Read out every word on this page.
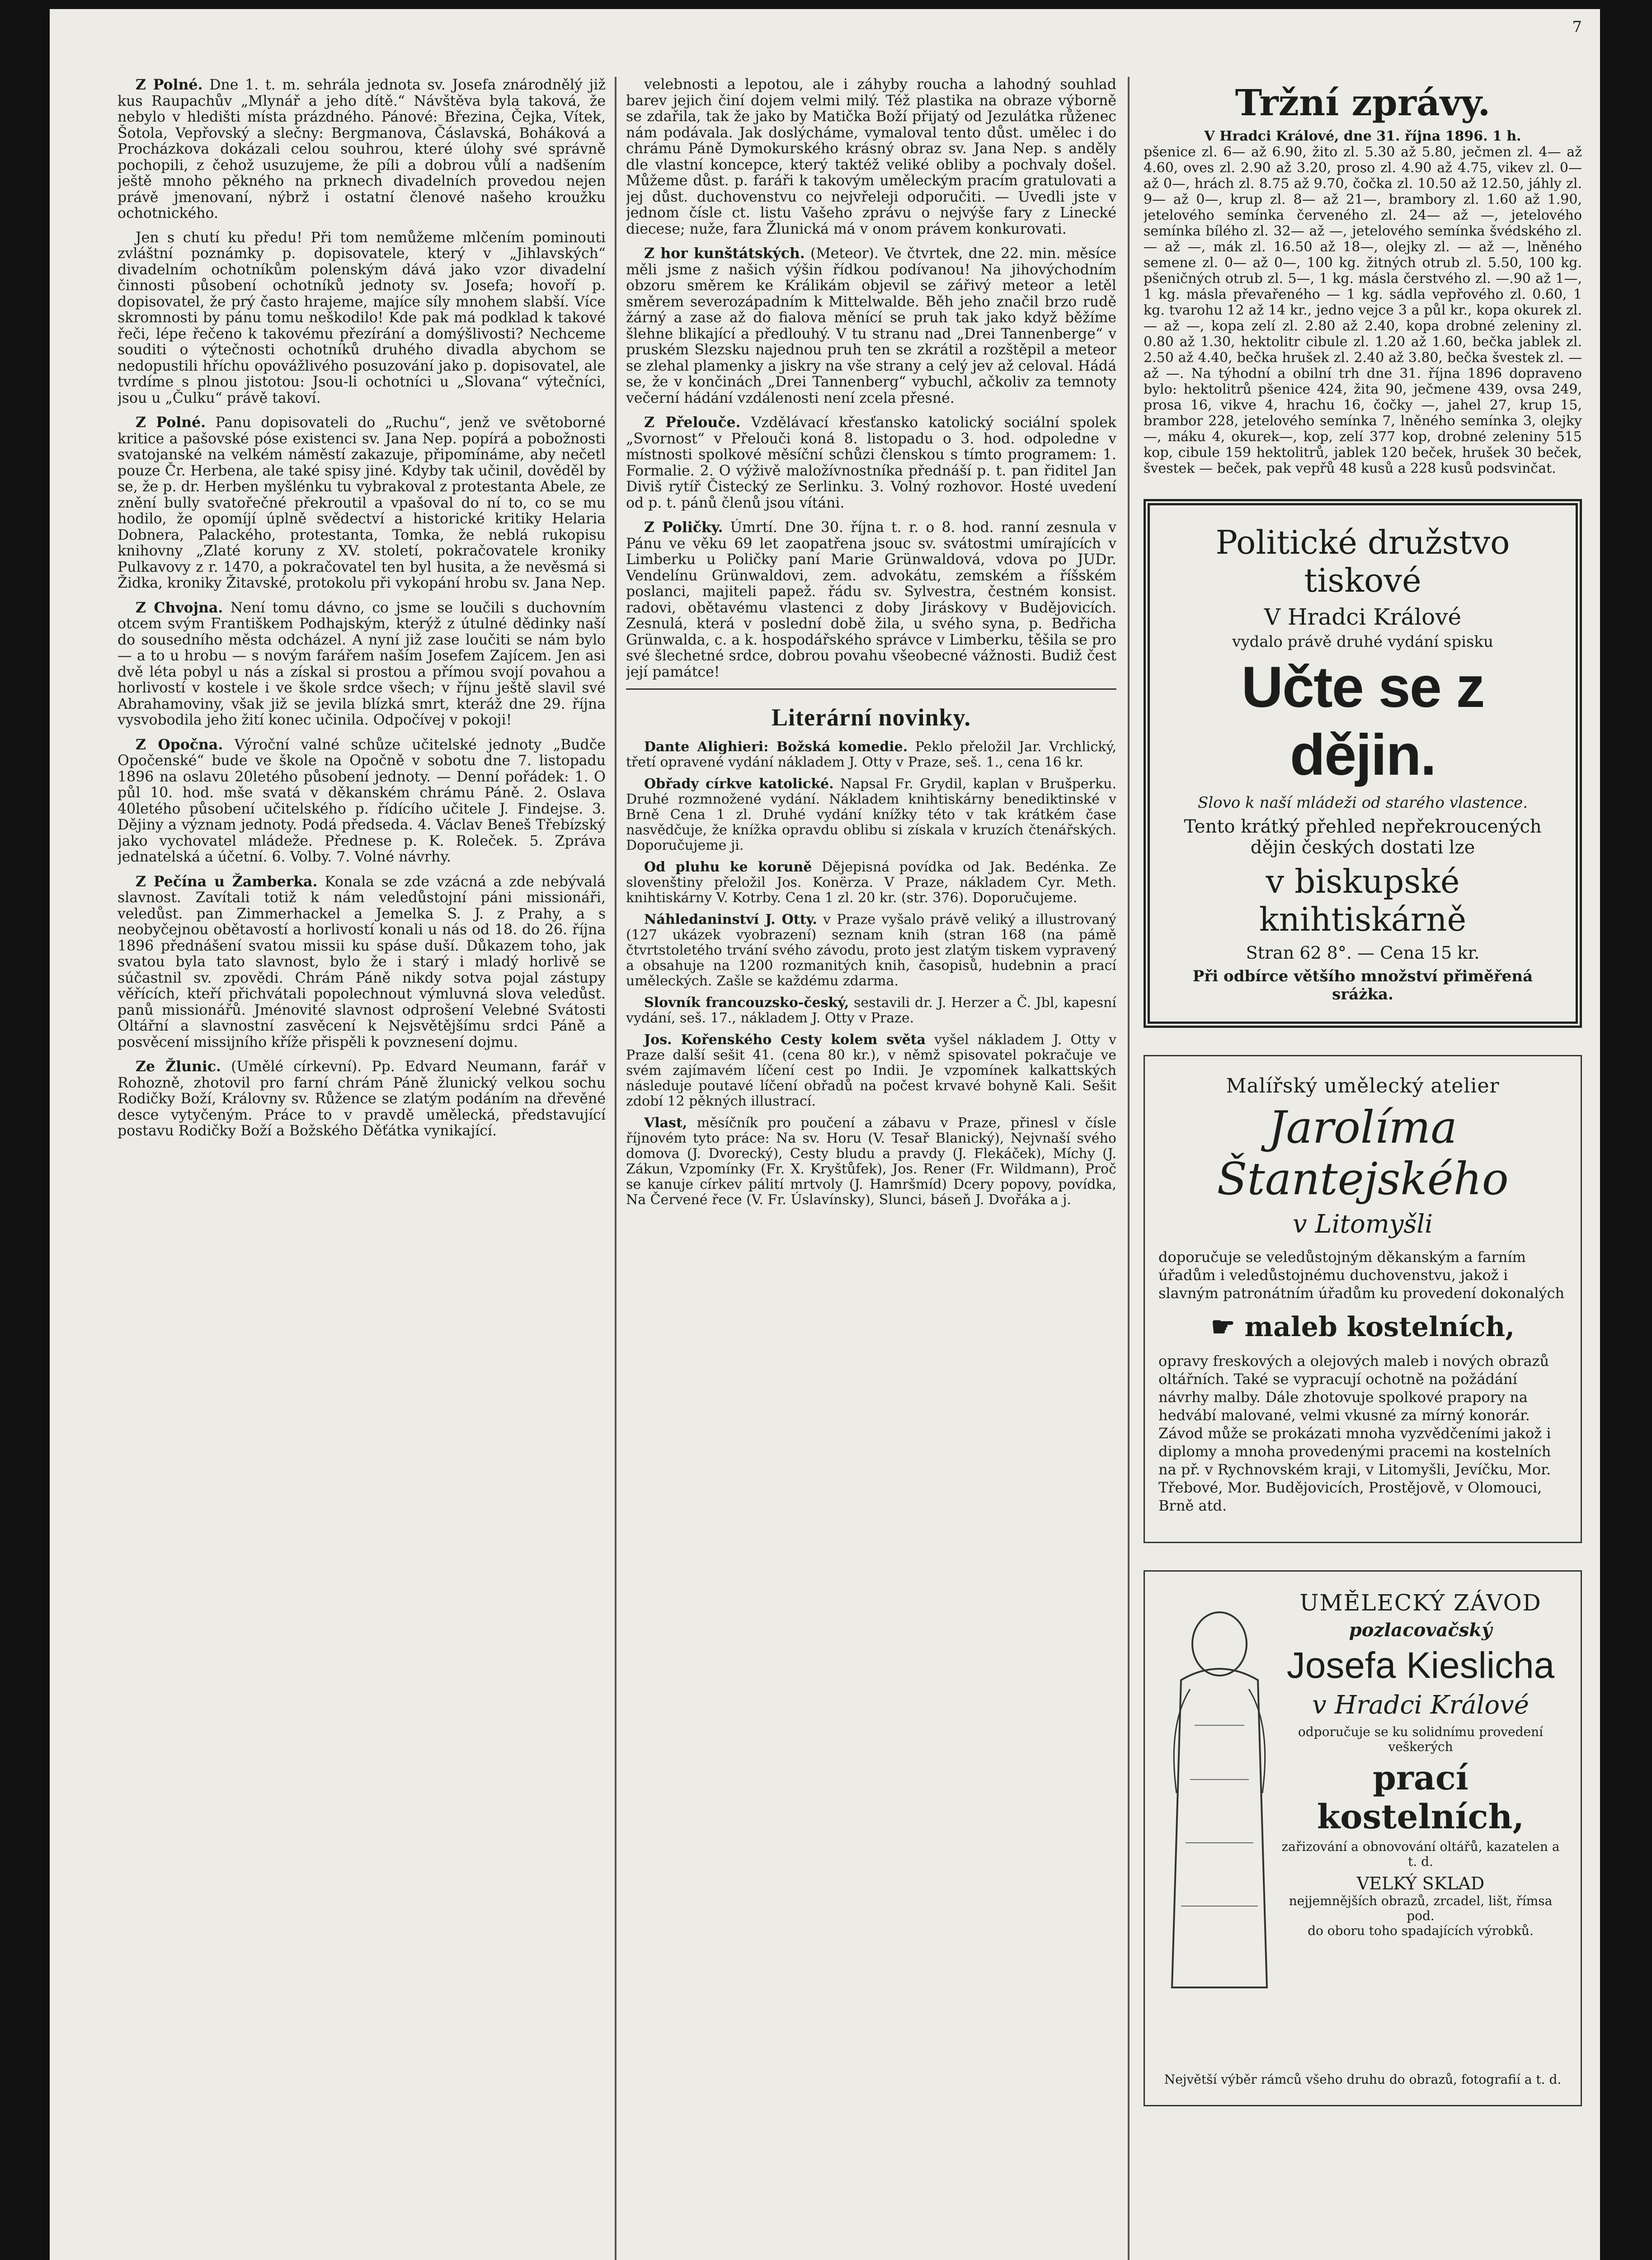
7

Z Polné. Dne 1. t. m. sehrála jednota sv. Josefa znárodnělý již kus Raupachův „Mlynář a jeho dítě.“ Návštěva byla taková, že nebylo v hledišti místa prázdného. Pánové: Březina, Čejka, Vítek, Šotola, Vepřovský a slečny: Bergmanova, Čáslavská, Boháková a Procházkova dokázali celou souhrou, které úlohy své správně pochopili, z čehož usuzujeme, že píli a dobrou vůlí a nadšením ještě mnoho pěkného na prknech divadelních provedou nejen právě jmenovaní, nýbrž i ostatní členové našeho kroužku ochotnického.

Jen s chutí ku předu! Při tom nemůžeme mlčením pominouti zvláštní poznámky p. dopisovatele, který v „Jihlavských“ divadelním ochotníkům polenským dává jako vzor divadelní činnosti působení ochotníků jednoty sv. Josefa; hovoří p. dopisovatel, že prý často hrajeme, majíce síly mnohem slabší. Více skromnosti by pánu tomu neškodilo! Kde pak má podklad k takové řeči, lépe řečeno k takovému přezírání a domýšlivosti? Nechceme souditi o výtečnosti ochotníků druhého divadla abychom se nedopustili hříchu opovážlivého posuzování jako p. dopisovatel, ale tvrdíme s plnou jistotou: Jsou-li ochotníci u „Slovana“ výtečníci, jsou u „Čulku“ právě takoví.

Z Polné. Panu dopisovateli do „Ruchu“, jenž ve světoborné kritice a pašovské póse existenci sv. Jana Nep. popírá a pobožnosti svatojanské na velkém náměstí zakazuje, připomínáme, aby nečetl pouze Čr. Herbena, ale také spisy jiné. Kdyby tak učinil, dověděl by se, že p. dr. Herben myšlénku tu vybrakoval z protestanta Abele, ze znění bully svatořečné překroutil a vpašoval do ní to, co se mu hodilo, že opomíjí úplně svědectví a historické kritiky Helaria Dobnera, Palackého, protestanta, Tomka, že neblá rukopisu knihovny „Zlaté koruny z XV. století, pokračovatele kroniky Pulkavovy z r. 1470, a pokračovatel ten byl husita, a že nevěsmá si Židka, kroniky Žitavské, protokolu při vykopání hrobu sv. Jana Nep.

Z Chvojna. Není tomu dávno, co jsme se loučili s duchovním otcem svým Františkem Podhajským, kterýž z útulné dědinky naší do sousedního města odcházel. A nyní již zase loučiti se nám bylo — a to u hrobu — s novým farářem naším Josefem Zajícem. Jen asi dvě léta pobyl u nás a získal si prostou a přímou svojí povahou a horlivostí v kostele i ve škole srdce všech; v říjnu ještě slavil své Abrahamoviny, však již se jevila blízká smrt, kteráž dne 29. října vysvobodila jeho žití konec učinila. Odpočívej v pokoji!

Z Opočna. Výroční valné schůze učitelské jednoty „Budče Opočenské“ bude ve škole na Opočně v sobotu dne 7. listopadu 1896 na oslavu 20letého působení jednoty. — Denní pořádek: 1. O půl 10. hod. mše svatá v děkanském chrámu Páně. 2. Oslava 40letého působení učitelského p. řídícího učitele J. Findejse. 3. Dějiny a význam jednoty. Podá předseda. 4. Václav Beneš Třebízský jako vychovatel mládeže. Přednese p. K. Roleček. 5. Zpráva jednatelská a účetní. 6. Volby. 7. Volné návrhy.

Z Pečína u Žamberka. Konala se zde vzácná a zde nebývalá slavnost. Zavítali totiž k nám veledůstojní páni missionáři, veledůst. pan Zimmerhackel a Jemelka S. J. z Prahy, a s neobyčejnou obětavostí a horlivostí konali u nás od 18. do 26. října 1896 přednášení svatou missii ku spáse duší. Důkazem toho, jak svatou byla tato slavnost, bylo že i starý i mladý horlivě se súčastnil sv. zpovědi. Chrám Páně nikdy sotva pojal zástupy věřících, kteří přichvátali popolechnout výmluvná slova veledůst. panů missionářů. Jménovité slavnost odprošení Velebné Svátosti Oltářní a slavnostní zasvěcení k Nejsvětějšímu srdci Páně a posvěcení missijního kříže přispěli k povznesení dojmu.

Ze Žlunic. (Umělé církevní). Pp. Edvard Neumann, farář v Rohozně, zhotovil pro farní chrám Páně žlunický velkou sochu Rodičky Boží, Královny sv. Růžence se zlatým podáním na dřevěné desce vytyčeným. Práce to v pravdě umělecká, představující postavu Rodičky Boží a Božského Děťátka vynikající.

velebnosti a lepotou, ale i záhyby roucha a lahodný souhlad barev jejich činí dojem velmi milý. Též plastika na obraze výborně se zdařila, tak že jako by Matička Boží přijatý od Jezulátka růženec nám podávala. Jak doslýcháme, vymaloval tento důst. umělec i do chrámu Páně Dymokurského krásný obraz sv. Jana Nep. s anděly dle vlastní koncepce, který taktéž veliké obliby a pochvaly došel. Můžeme důst. p. faráři k takovým uměleckým pracím gratulovati a jej důst. duchovenstvu co nejvřeleji odporučiti. — Uvedli jste v jednom čísle ct. listu Vašeho zprávu o nejvýše fary z Linecké diecese; nuže, fara Žlunická má v onom právem konkurovati.

Z hor kunštátských. (Meteor). Ve čtvrtek, dne 22. min. měsíce měli jsme z našich výšin řídkou podívanou! Na jihovýchodním obzoru směrem ke Králikám objevil se zářivý meteor a letěl směrem severozápadním k Mittelwalde. Běh jeho značil brzo rudě žárný a zase až do fialova měnící se pruh tak jako když běžíme šlehne blikající a předlouhý. V tu stranu nad „Drei Tannenberge“ v pruském Slezsku najednou pruh ten se zkrátil a rozštěpil a meteor se zlehal plamenky a jiskry na vše strany a celý jev až celoval. Hádá se, že v končinách „Drei Tannenberg“ vybuchl, ačkoliv za temnoty večerní hádání vzdálenosti není zcela přesné.

Z Přelouče. Vzdělávací křesťansko katolický sociální spolek „Svornost“ v Přelouči koná 8. listopadu o 3. hod. odpoledne v místnosti spolkové měsíční schůzi členskou s tímto programem: 1. Formalie. 2. O výživě maložívnostníka přednáší p. t. pan řiditel Jan Diviš rytíř Čistecký ze Serlinku. 3. Volný rozhovor. Hosté uvedení od p. t. pánů členů jsou vítáni.

Z Poličky. Úmrtí. Dne 30. října t. r. o 8. hod. ranní zesnula v Pánu ve věku 69 let zaopatřena jsouc sv. svátostmi umírajících v Limberku u Poličky paní Marie Grünwaldová, vdova po JUDr. Vendelínu Grünwaldovi, zem. advokátu, zemském a říšském poslanci, majiteli papež. řádu sv. Sylvestra, čestném konsist. radovi, obětavému vlastenci z doby Jiráskovy v Budějovicích. Zesnulá, která v poslední době žila, u svého syna, p. Bedřicha Grünwalda, c. a k. hospodářského správce v Limberku, těšila se pro své šlechetné srdce, dobrou povahu všeobecné vážnosti. Budiž čest její památce!

Literární novinky.

Dante Alighieri: Božská komedie. Peklo přeložil Jar. Vrchlický, třetí opravené vydání nákladem J. Otty v Praze, seš. 1., cena 16 kr.

Obřady církve katolické. Napsal Fr. Grydil, kaplan v Brušperku. Druhé rozmnožené vydání. Nákladem knihtiskárny benediktinské v Brně Cena 1 zl. Druhé vydání knížky této v tak krátkém čase nasvědčuje, že knížka opravdu oblibu si získala v kruzích čtenářských. Doporučujeme ji.

Od pluhu ke koruně Dějepisná povídka od Jak. Bedénka. Ze slovenštiny přeložil Jos. Konërza. V Praze, nákladem Cyr. Meth. knihtiskárny V. Kotrby. Cena 1 zl. 20 kr. (str. 376). Doporučujeme.

Náhledaninství J. Otty. v Praze vyšalo právě veliký a illustrovaný (127 ukázek vyobrazení) seznam knih (stran 168 (na pámě čtvrtstoletého trvání svého závodu, proto jest zlatým tiskem vypravený a obsahuje na 1200 rozmanitých knih, časopisů, hudebnin a prací uměleckých. Zašle se každému zdarma.

Slovník francouzsko-český, sestavili dr. J. Herzer a Č. Jbl, kapesní vydání, seš. 17., nákladem J. Otty v Praze.

Jos. Kořenského Cesty kolem světa vyšel nákladem J. Otty v Praze další sešit 41. (cena 80 kr.), v němž spisovatel pokračuje ve svém zajímavém líčení cest po Indii. Je vzpomínek kalkattských následuje poutavé líčení obřadů na počest krvavé bohyně Kali. Sešit zdobí 12 pěkných illustrací.

Vlast, měsíčník pro poučení a zábavu v Praze, přinesl v čísle říjnovém tyto práce: Na sv. Horu (V. Tesař Blanický), Nejvnaší svého domova (J. Dvorecký), Cesty bludu a pravdy (J. Flekáček), Míchy (J. Zákun, Vzpomínky (Fr. X. Kryštůfek), Jos. Rener (Fr. Wildmann), Proč se kanuje církev pálití mrtvoly (J. Hamršmíd) Dcery popovy, povídka, Na Červené řece (V. Fr. Úslavínsky), Slunci, báseň J. Dvořáka a j.

Tržní zprávy.
V Hradci Králové, dne 31. října 1896. 1 h.
pšenice zl. 6— až 6.90, žito zl. 5.30 až 5.80, ječmen zl. 4— až 4.60, oves zl. 2.90 až 3.20, proso zl. 4.90 až 4.75, vikev zl. 0— až 0—, hrách zl. 8.75 až 9.70, čočka zl. 10.50 až 12.50, jáhly zl. 9— až 0—, krup zl. 8— až 21—, brambory zl. 1.60 až 1.90, jetelového semínka červeného zl. 24— až —, jetelového semínka bílého zl. 32— až —, jetelového semínka švédského zl. — až —, mák zl. 16.50 až 18—, olejky zl. — až —, lněného semene zl. 0— až 0—, 100 kg. žitných otrub zl. 5.50, 100 kg. pšeničných otrub zl. 5—, 1 kg. másla čerstvého zl. —.90 až 1—, 1 kg. másla převařeného — 1 kg. sádla vepřového zl. 0.60, 1 kg. tvarohu 12 až 14 kr., jedno vejce 3 a půl kr., kopa okurek zl. — až —, kopa zelí zl. 2.80 až 2.40, kopa drobné zeleniny zl. 0.80 až 1.30, hektolitr cibule zl. 1.20 až 1.60, bečka jablek zl. 2.50 až 4.40, bečka hrušek zl. 2.40 až 3.80, bečka švestek zl. — až —. Na týhodní a obilní trh dne 31. října 1896 dopraveno bylo: hektolitrů pšenice 424, žita 90, ječmene 439, ovsa 249, prosa 16, vikve 4, hrachu 16, čočky —, jahel 27, krup 15, brambor 228, jetelového semínka 7, lněného semínka 3, olejky —, máku 4, okurek—, kop, zelí 377 kop, drobné zeleniny 515 kop, cibule 159 hektolitrů, jablek 120 beček, hrušek 30 beček, švestek — beček, pak vepřů 48 kusů a 228 kusů podsvinčat.
Politické družstvo tiskové
V Hradci Králové
vydalo právě druhé vydání spisku
Učte se z dějin.
Slovo k naší mládeži od starého vlastence.
Tento krátký přehled nepřekroucených dějin českých dostati lze
v biskupské knihtiskárně
Stran 62 8°. — Cena 15 kr.
Při odbírce většího množství přiměřená sráżka.
Malířský umělecký atelier
Jarolíma Štantejského
v Litomyšli
doporučuje se veledůstojným děkanským a farním úřadům i veledůstojnému duchovenstvu, jakož i slavným patronátním úřadům ku provedení dokonalých
☛ maleb kostelních,
opravy freskových a olejových maleb i nových obrazů oltářních. Také se vypracují ochotně na požádání návrhy malby. Dále zhotovuje spolkové prapory na hedvábí malované, velmi vkusné za mírný konorár. Závod může se prokázati mnoha vyzvědčeními jakož i diplomy a mnoha provedenými pracemi na kostelních na př. v Rychnovském kraji, v Litomyšli, Jevíčku, Mor. Třebové, Mor. Budějovicích, Prostějově, v Olomouci, Brně atd.
UMĚLECKÝ ZÁVOD
pozlacovačský
Josefa Kieslicha
v Hradci Králové
odporučuje se ku solidnímu provedení veškerých
prací kostelních,
zařizování a obnovování oltářů, kazatelen a t. d.
VELKÝ SKLAD
nejjemnějších obrazů, zrcadel, lišt, římsa pod.
do oboru toho spadajících výrobků.
Největší výběr rámců všeho druhu do obrazů, fotografií a t. d.
